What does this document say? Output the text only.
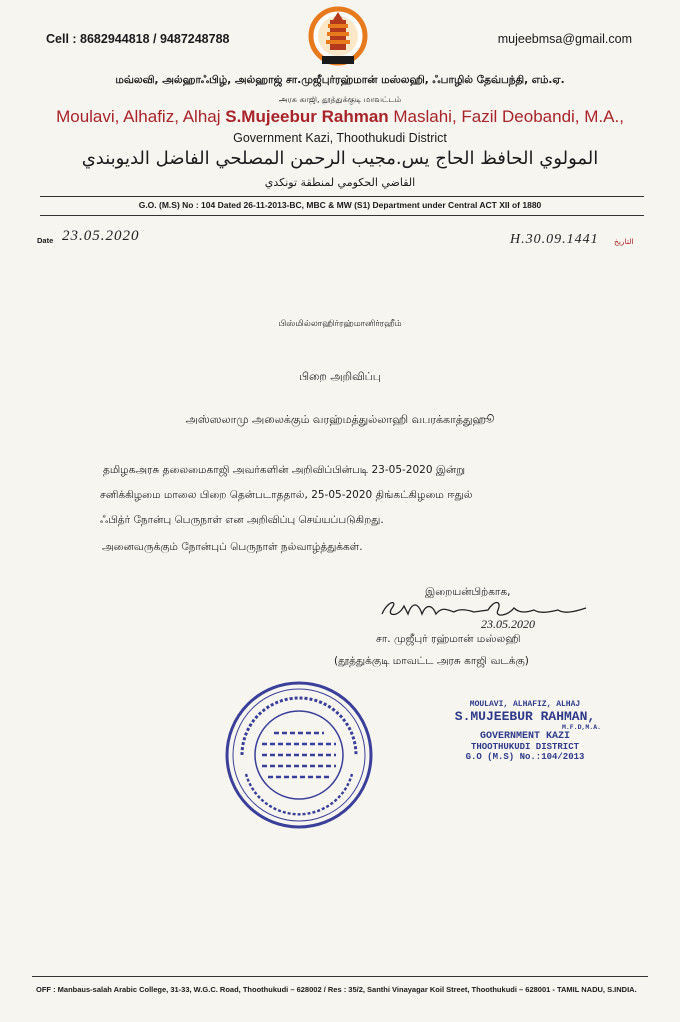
Cell : 8682944818 / 9487248788	mujeebmsa@gmail.com
மவ்லவி, அல்ஹாஃபிழ், அல்ஹாஜ் சா.முஜீபுர்ரஹ்மான் மஸ்லஹி, ஃபாழில் தேவ்பந்தி, எம்.ஏ.
அரசு காஜி, தூத்துக்குடி மாவட்டம்
Moulavi, Alhafiz, Alhaj S.Mujeebur Rahman Maslahi, Fazil Deobandi, M.A.,
Government Kazi, Thoothukudi District
المولوي الحافظ الحاج يس.مجيب الرحمن المصلحي الفاضل الديوبندي
القاضي الحكومي لمنطقة تونكدي
G.O. (M.S) No : 104 Dated 26-11-2013-BC, MBC & MW (S1) Department under Central ACT XII of 1880
Date 23.05.2020	H.30.09.1441 التاريخ
பிஸ்மில்லாஹிர்ரஹ்மானிர்ரஹீம்
பிறை அறிவிப்பு
அஸ்ஸலாமு அலைக்கும் வரஹ்மத்துல்லாஹி வபரக்காத்துஹூ
தமிழகஅரசு தலைமைகாஜி அவர்களின் அறிவிப்பின்படி 23-05-2020 இன்று
சனிக்கிழமை மாலை பிறை தென்படாததால், 25-05-2020 திங்கட்கிழமை ஈதுல்
ஃபித்ர் நோன்பு பெருநாள் என அறிவிப்பு செய்யப்படுகிறது.
அனைவருக்கும் நோன்புப் பெருநாள் நல்வாழ்த்துக்கள்.
இறையன்பிற்காக,
23.05.2020
சா. முஜீபுர் ரஹ்மான் மஸ்லஹி
(தூத்துக்குடி மாவட்ட அரசு காஜி வடக்கு)
MOULAVI, ALHAFIZ, ALHAJ
S.MUJEEBUR RAHMAN,
M.F.D,M.A.
GOVERNMENT KAZI
THOOTHUKUDI DISTRICT
G.O (M.S) No.:104/2013
OFF : Manbaus-salah Arabic College, 31-33, W.G.C. Road, Thoothukudi – 628002 / Res : 35/2, Santhi Vinayagar Koil Street, Thoothukudi – 628001 - TAMIL NADU, S.INDIA.
